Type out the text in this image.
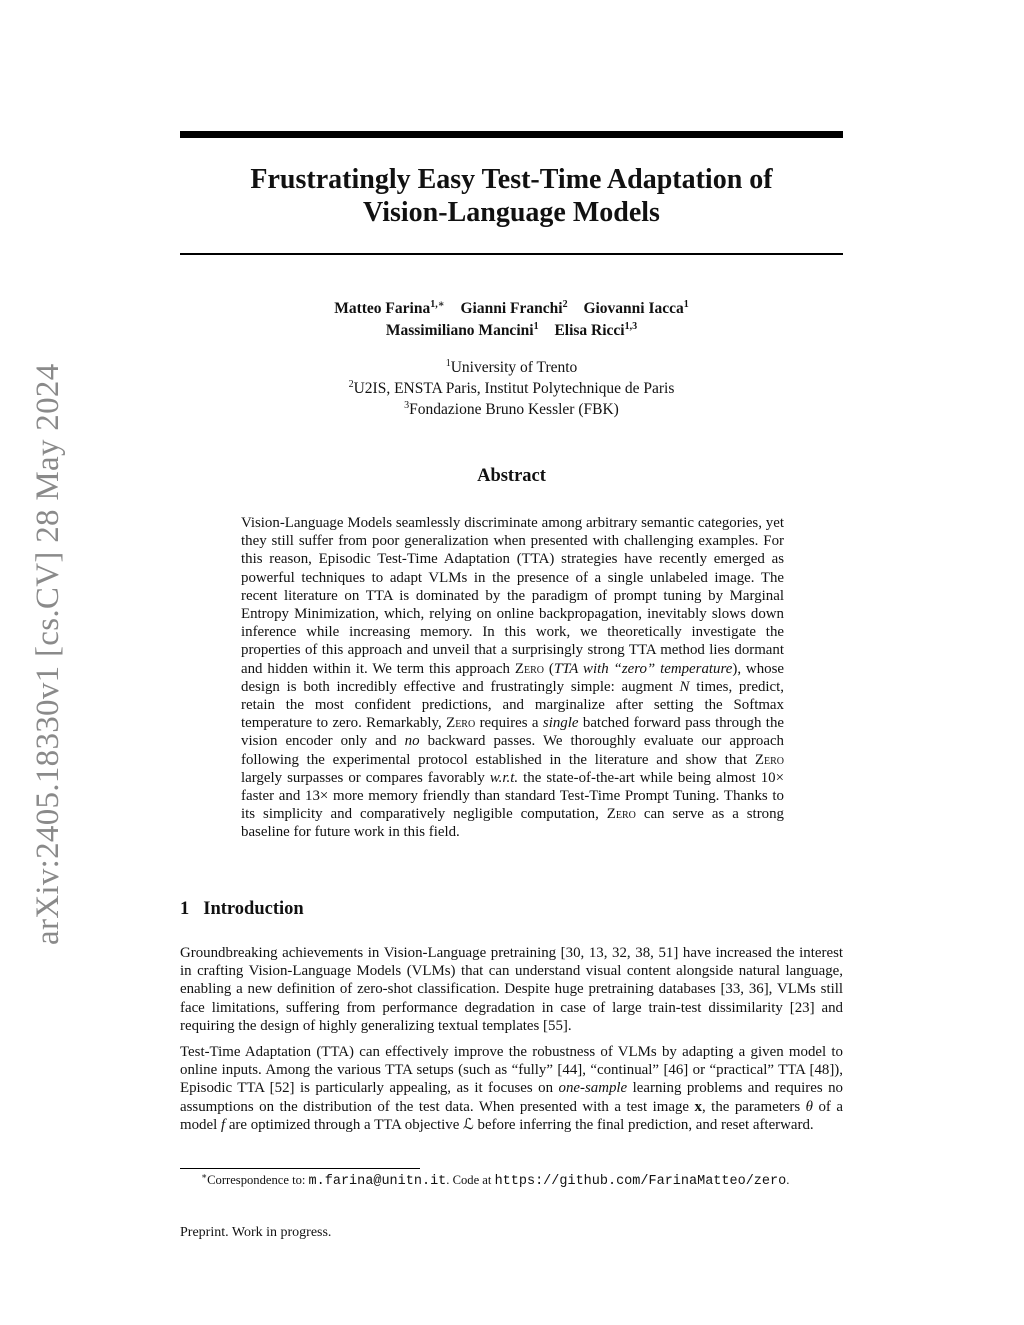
arXiv:2405.18330v1 [cs.CV] 28 May 2024
Frustratingly Easy Test-Time Adaptation of
Vision-Language Models
Matteo Farina$^{1,∗}$ Gianni Franchi$^2$ Giovanni Iacca$^1$
Massimiliano Mancini$^1$ Elisa Ricci$^{1,3}$
$^1$University of Trento
$^2$U2IS, ENSTA Paris, Institut Polytechnique de Paris
$^3$Fondazione Bruno Kessler (FBK)
Abstract

Vision-Language Models seamlessly discriminate among arbitrary semantic categories, yet they still suffer from poor generalization when presented with challenging examples. For this reason, Episodic Test-Time Adaptation (TTA) strategies have recently emerged as powerful techniques to adapt VLMs in the presence of a single unlabeled image. The recent literature on TTA is dominated by the paradigm of prompt tuning by Marginal Entropy Minimization, which, relying on online backpropagation, inevitably slows down inference while increasing memory. In this work, we theoretically investigate the properties of this approach and unveil that a surprisingly strong TTA method lies dormant and hidden within it. We term this approach Zero (TTA with “zero” temperature), whose design is both incredibly effective and frustratingly simple: augment N times, predict, retain the most confident predictions, and marginalize after setting the Softmax temperature to zero. Remarkably, Zero requires a single batched forward pass through the vision encoder only and no backward passes. We thoroughly evaluate our approach following the experimental protocol established in the literature and show that Zero largely surpasses or compares favorably w.r.t. the state-of-the-art while being almost 10× faster and 13× more memory friendly than standard Test-Time Prompt Tuning. Thanks to its simplicity and comparatively negligible computation, Zero can serve as a strong baseline for future work in this field.

1 Introduction

Groundbreaking achievements in Vision-Language pretraining [30, 13, 32, 38, 51] have increased the interest in crafting Vision-Language Models (VLMs) that can understand visual content alongside natural language, enabling a new definition of zero-shot classification. Despite huge pretraining databases [33, 36], VLMs still face limitations, suffering from performance degradation in case of large train-test dissimilarity [23] and requiring the design of highly generalizing textual templates [55].

Test-Time Adaptation (TTA) can effectively improve the robustness of VLMs by adapting a given model to online inputs. Among the various TTA setups (such as “fully” [44], “continual” [46] or “practical” TTA [48]), Episodic TTA [52] is particularly appealing, as it focuses on one-sample learning problems and requires no assumptions on the distribution of the test data. When presented with a test image x, the parameters θ of a model f are optimized through a TTA objective ℒ before inferring the final prediction, and reset afterward.

∗Correspondence to: m.farina@unitn.it. Code at https://github.com/FarinaMatteo/zero.
Preprint. Work in progress.
